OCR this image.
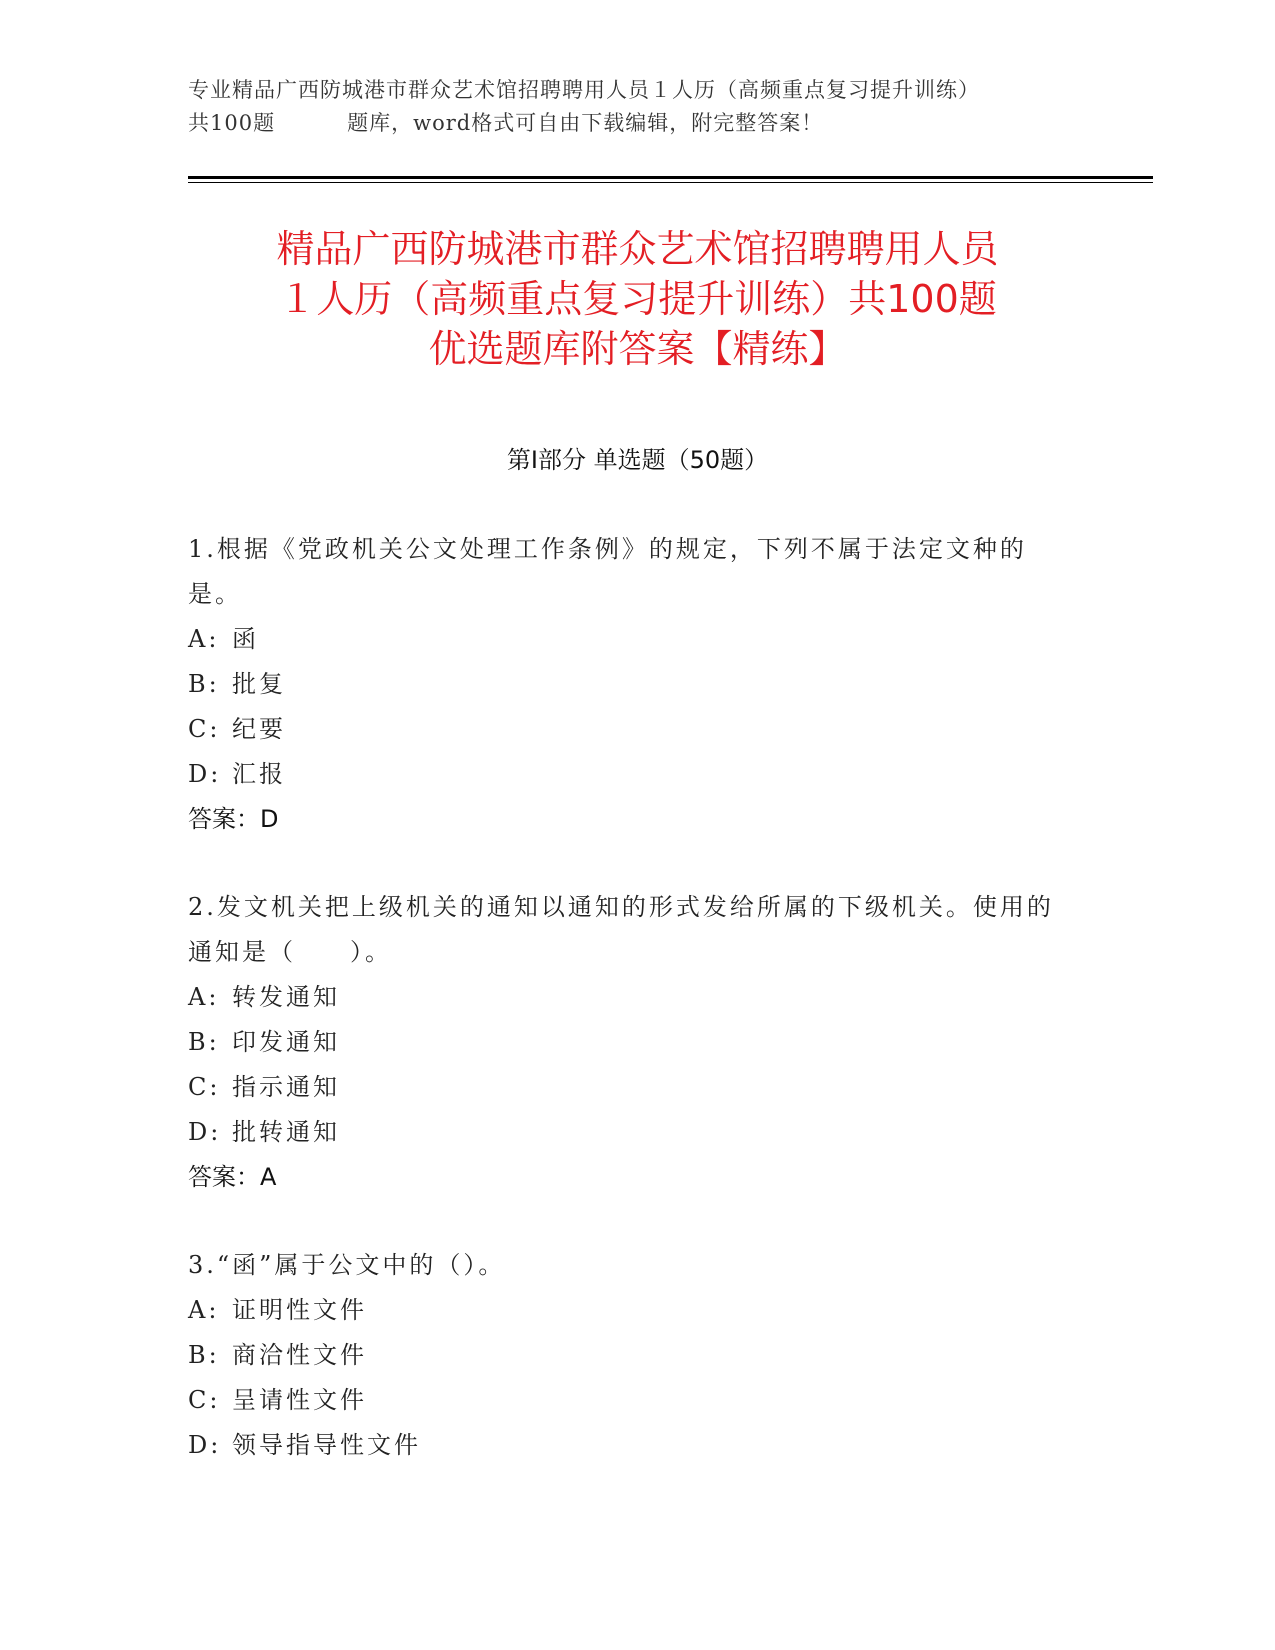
专业精品广西防城港市群众艺术馆招聘聘用人员１人历（高频重点复习提升训练）
共100题	题库，word格式可自由下载编辑，附完整答案！
精品广西防城港市群众艺术馆招聘聘用人员
１人历（高频重点复习提升训练）共100题
优选题库附答案【精练】
第Ⅰ部分 单选题（50题）
1.根据《党政机关公文处理工作条例》的规定，下列不属于法定文种的是。
A: 函
B: 批复
C: 纪要
D: 汇报
答案：D
2.发文机关把上级机关的通知以通知的形式发给所属的下级机关。使用的通知是（　　）。
A: 转发通知
B: 印发通知
C: 指示通知
D: 批转通知
答案：A
3.“函”属于公文中的（）。
A: 证明性文件
B: 商洽性文件
C: 呈请性文件
D: 领导指导性文件
